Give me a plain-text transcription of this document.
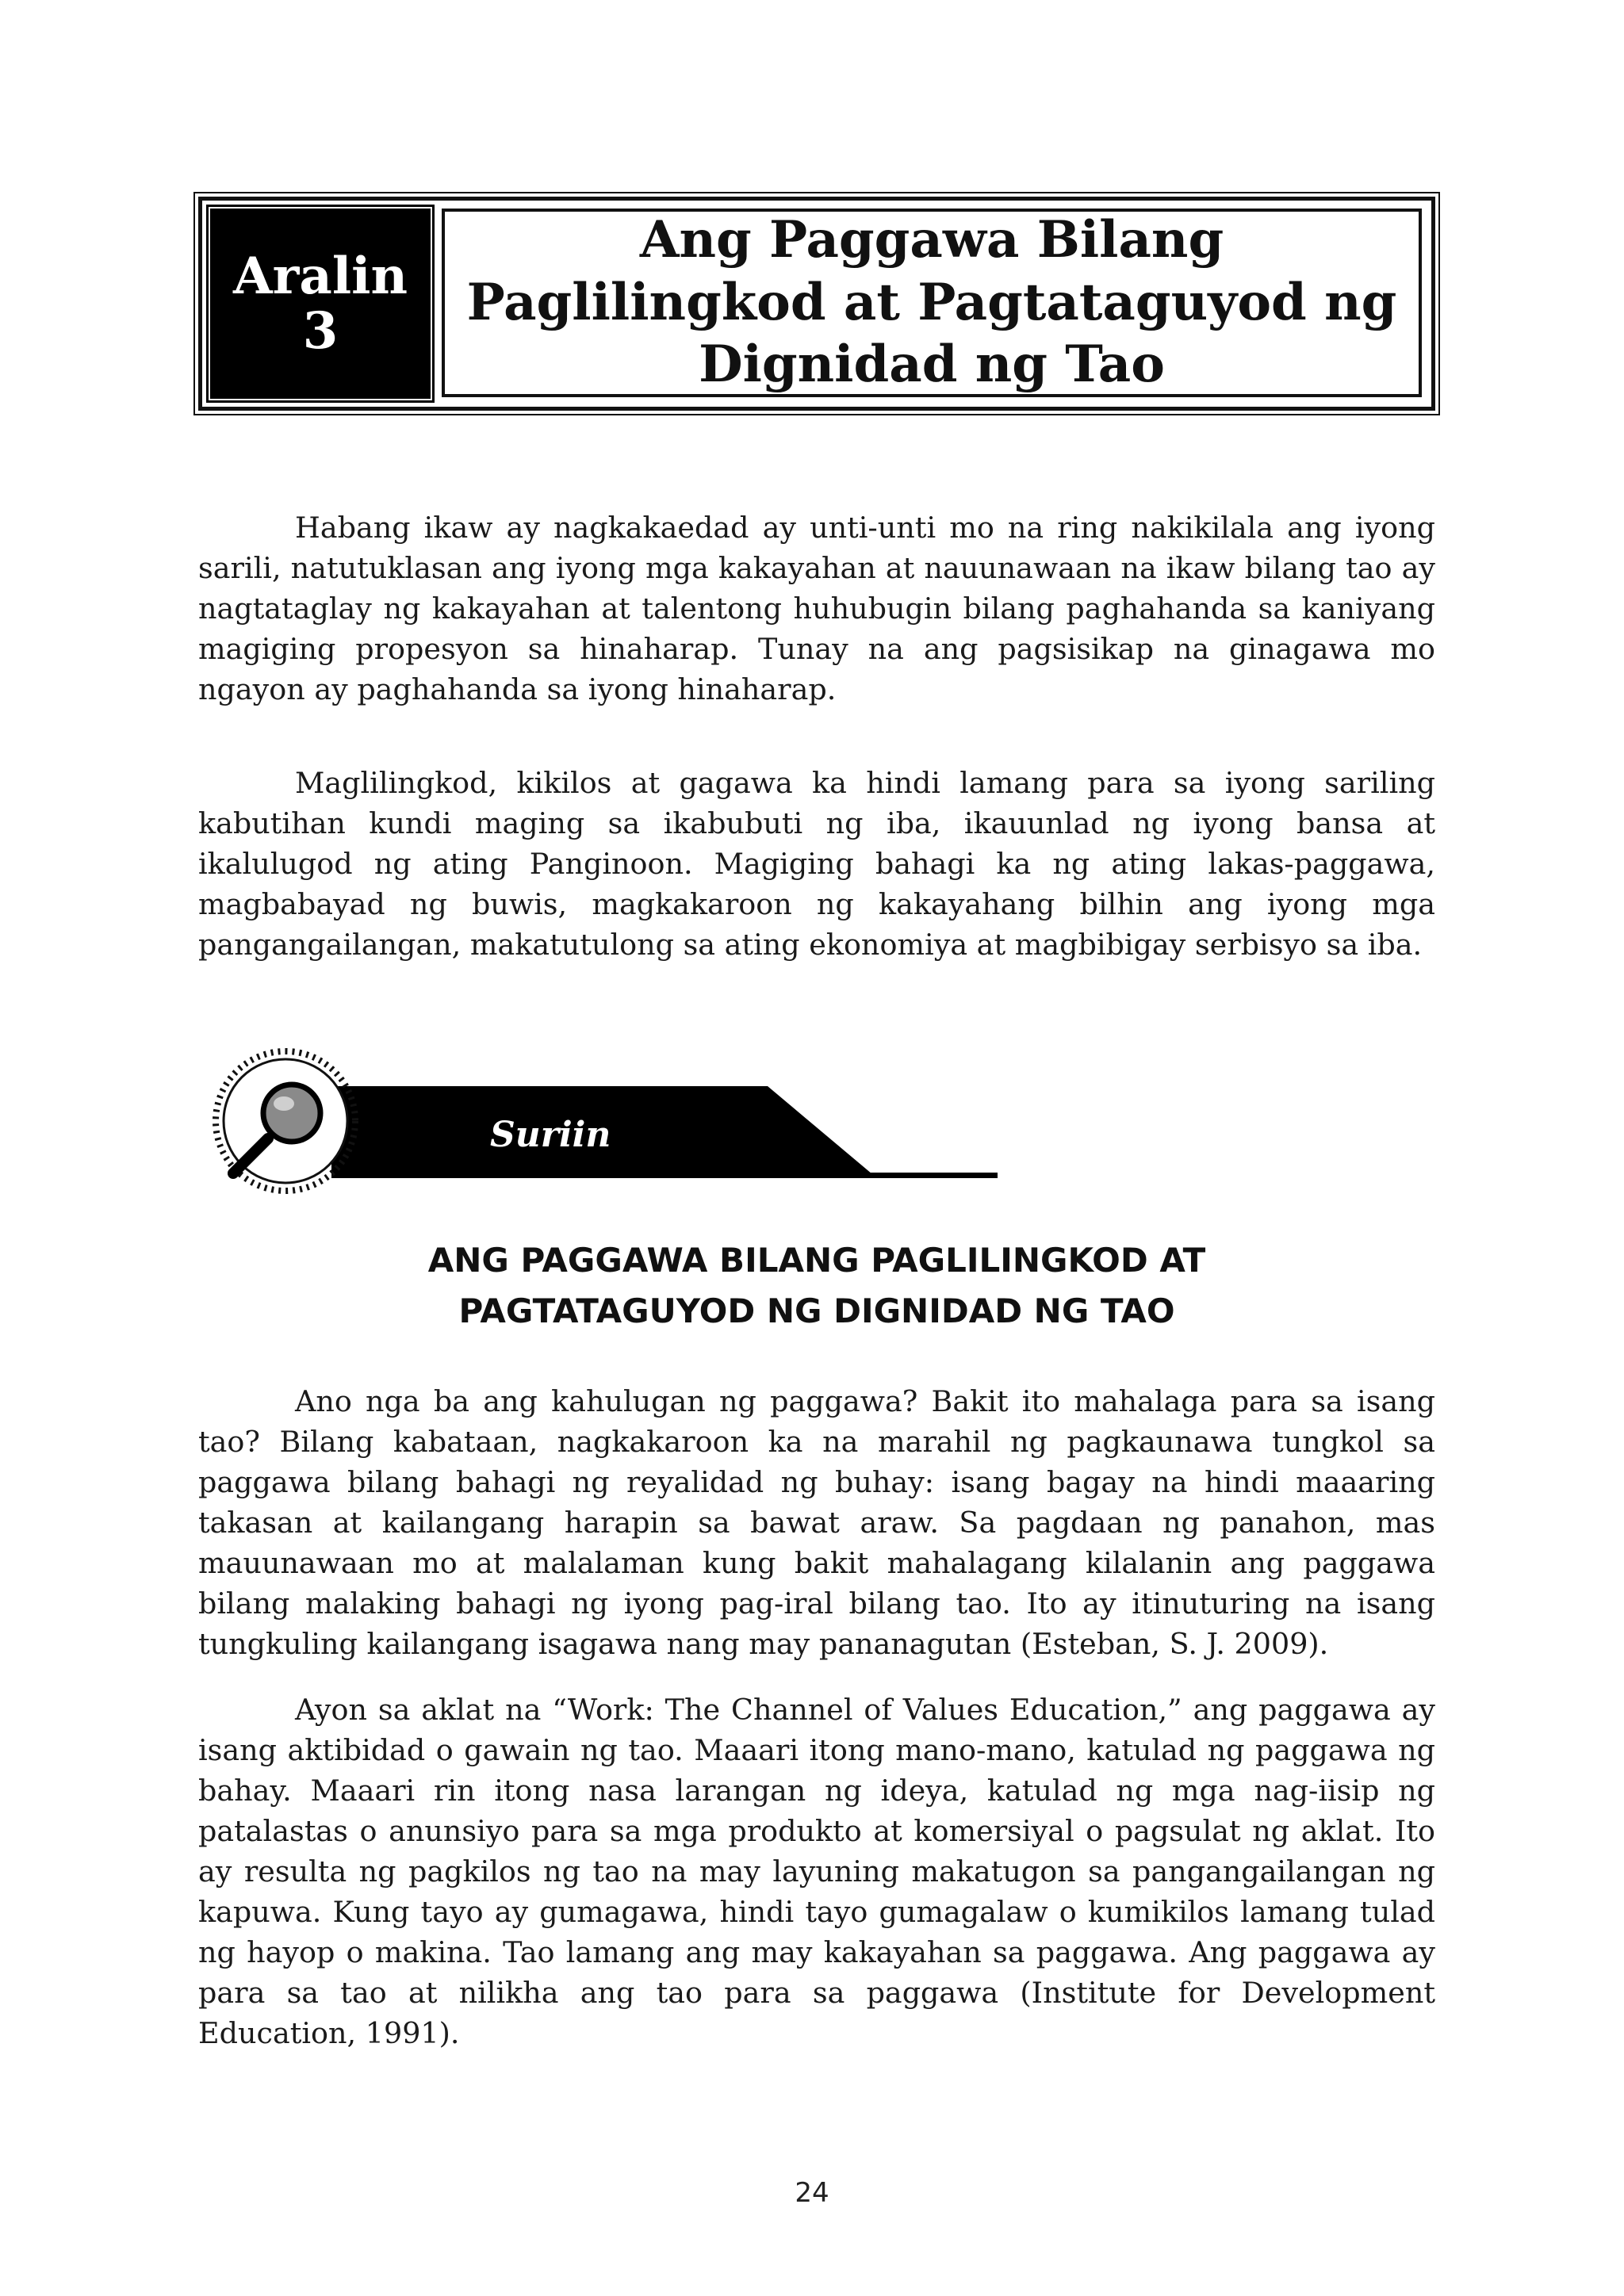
Aralin
3
Ang Paggawa Bilang Paglilingkod at Pagtataguyod ng Dignidad ng Tao

Habang ikaw ay nagkakaedad ay unti-unti mo na ring nakikilala ang iyong sarili, natutuklasan ang iyong mga kakayahan at nauunawaan na ikaw bilang tao ay nagtataglay ng kakayahan at talentong huhubugin bilang paghahanda sa kaniyang magiging propesyon sa hinaharap. Tunay na ang pagsisikap na ginagawa mo ngayon ay paghahanda sa iyong hinaharap.

Maglilingkod, kikilos at gagawa ka hindi lamang para sa iyong sariling kabutihan kundi maging sa ikabubuti ng iba, ikauunlad ng iyong bansa at ikalulugod ng ating Panginoon. Magiging bahagi ka ng ating lakas-paggawa, magbabayad ng buwis, magkakaroon ng kakayahang bilhin ang iyong mga pangangailangan, makatutulong sa ating ekonomiya at magbibigay serbisyo sa iba.

Suriin
ANG PAGGAWA BILANG PAGLILINGKOD AT
PAGTATAGUYOD NG DIGNIDAD NG TAO

Ano nga ba ang kahulugan ng paggawa? Bakit ito mahalaga para sa isang tao? Bilang kabataan, nagkakaroon ka na marahil ng pagkaunawa tungkol sa paggawa bilang bahagi ng reyalidad ng buhay: isang bagay na hindi maaaring takasan at kailangang harapin sa bawat araw. Sa pagdaan ng panahon, mas mauunawaan mo at malalaman kung bakit mahalagang kilalanin ang paggawa bilang malaking bahagi ng iyong pag-iral bilang tao. Ito ay itinuturing na isang tungkuling kailangang isagawa nang may pananagutan (Esteban, S. J. 2009).

Ayon sa aklat na “Work: The Channel of Values Education,” ang paggawa ay isang aktibidad o gawain ng tao. Maaari itong mano-mano, katulad ng paggawa ng bahay. Maaari rin itong nasa larangan ng ideya, katulad ng mga nag-iisip ng patalastas o anunsiyo para sa mga produkto at komersiyal o pagsulat ng aklat. Ito ay resulta ng pagkilos ng tao na may layuning makatugon sa pangangailangan ng kapuwa. Kung tayo ay gumagawa, hindi tayo gumagalaw o kumikilos lamang tulad ng hayop o makina. Tao lamang ang may kakayahan sa paggawa. Ang paggawa ay para sa tao at nilikha ang tao para sa paggawa (Institute for Development Education, 1991).

24
